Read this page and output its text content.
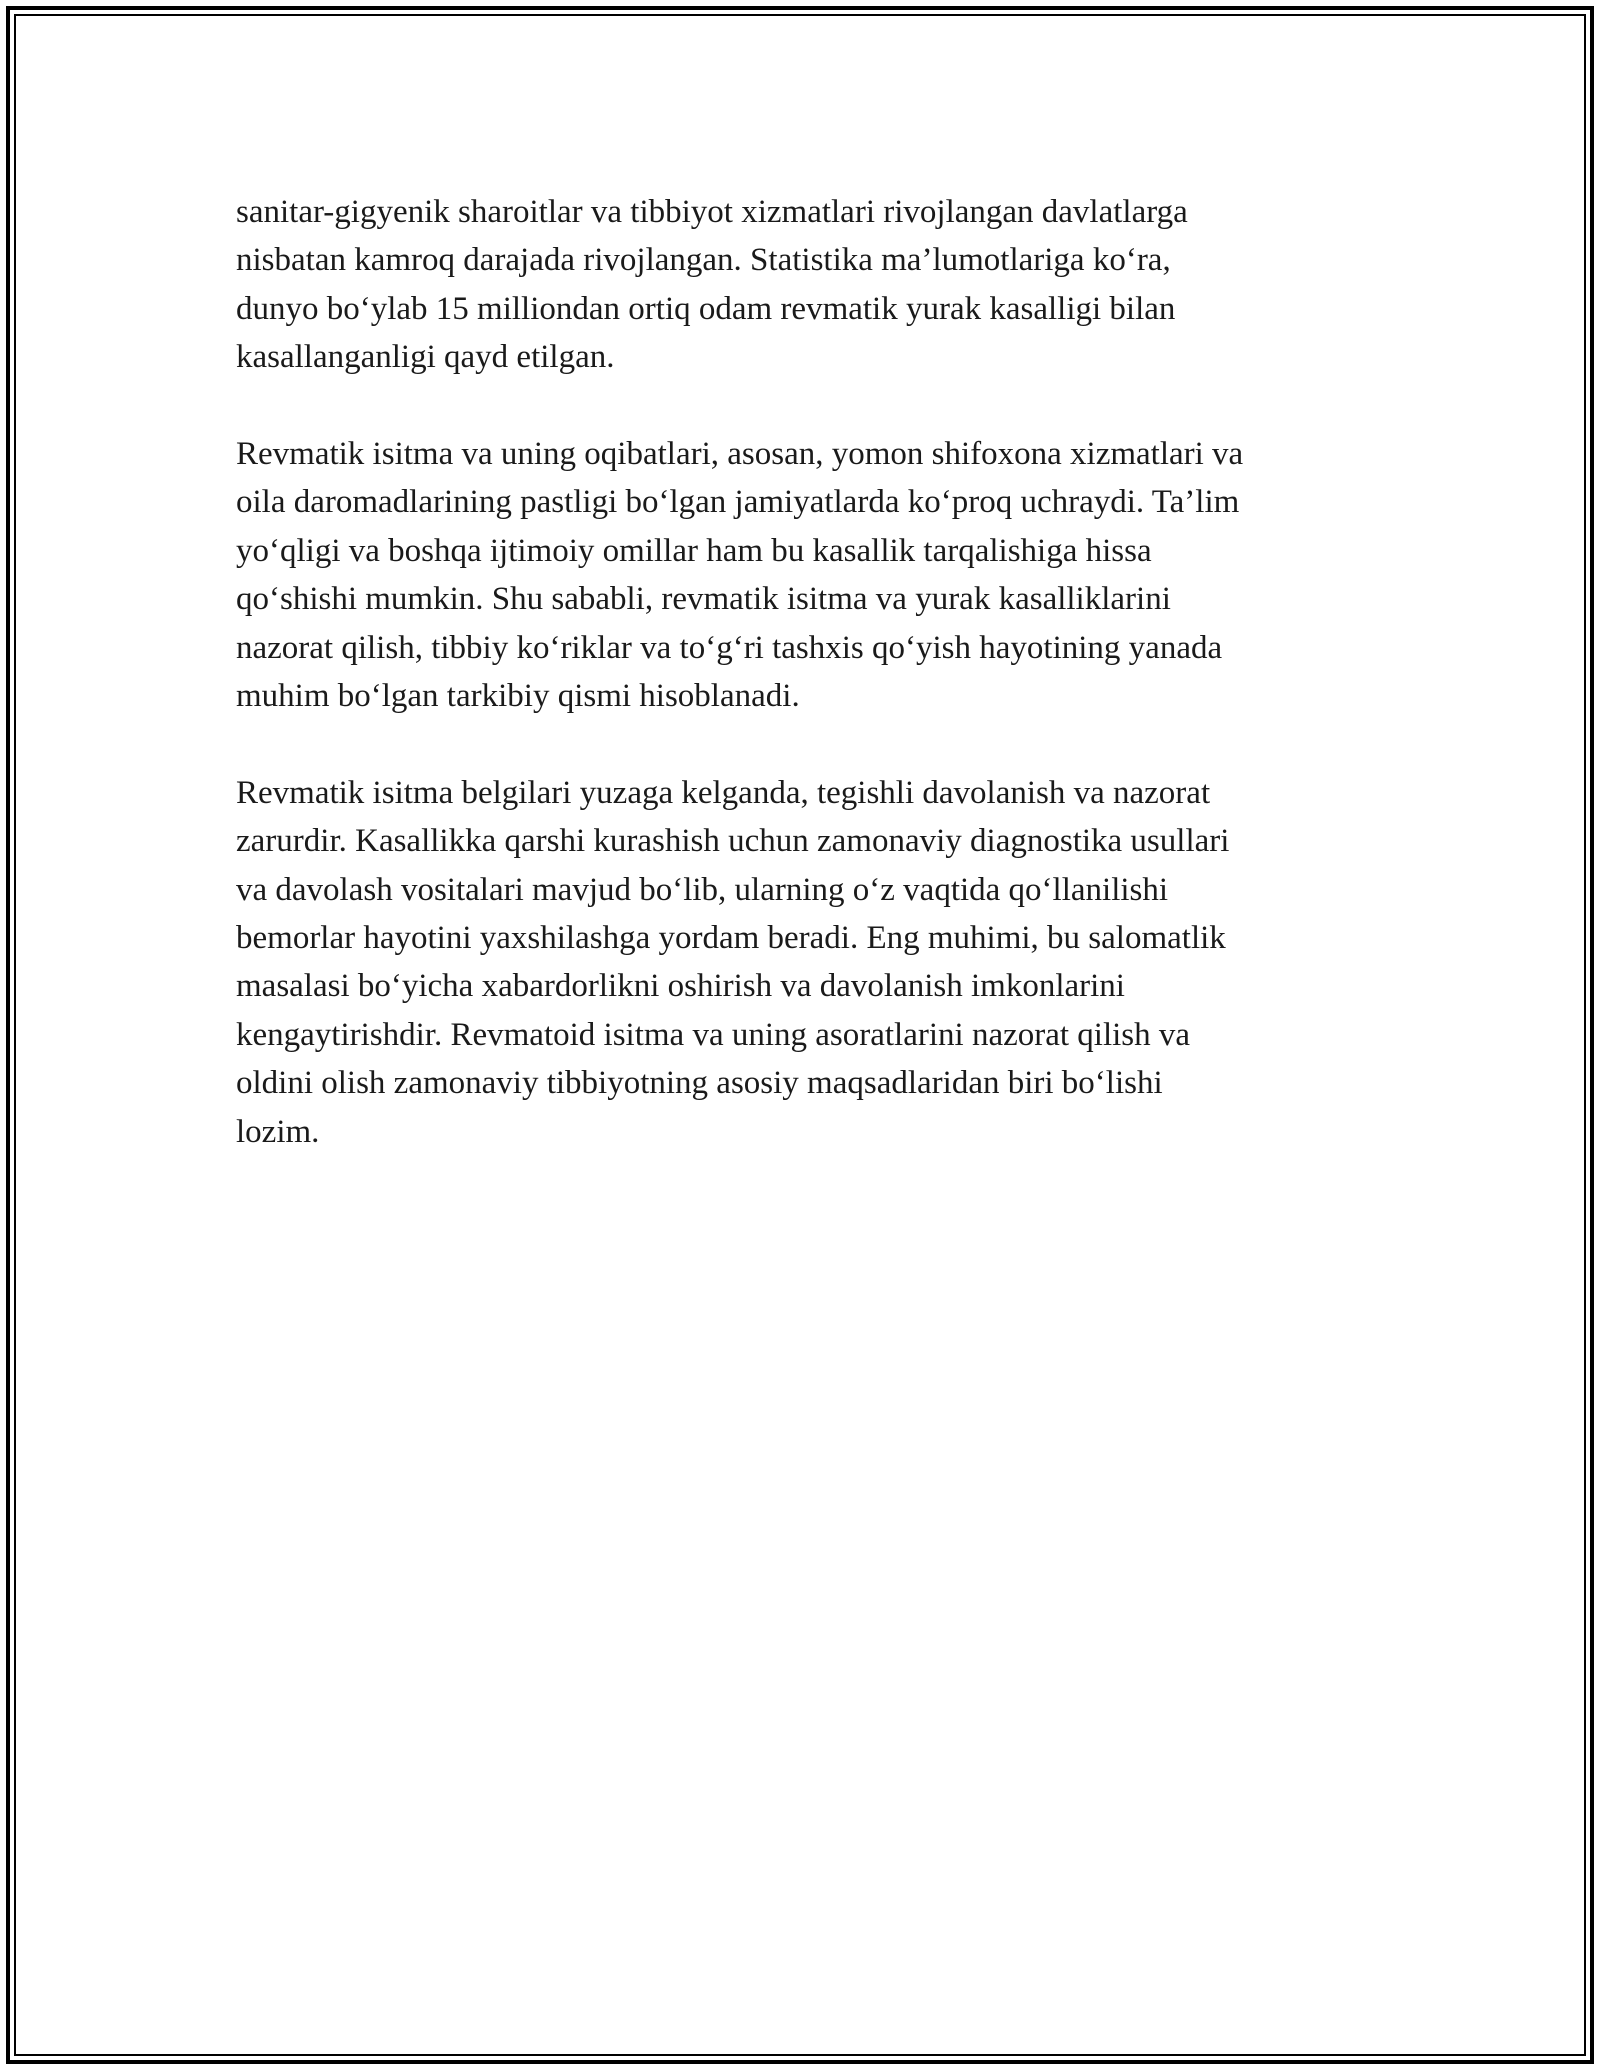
sanitar-gigyenik sharoitlar va tibbiyot xizmatlari rivojlangan davlatlarga
nisbatan kamroq darajada rivojlangan. Statistika ma’lumotlariga ko‘ra,
dunyo bo‘ylab 15 milliondan ortiq odam revmatik yurak kasalligi bilan
kasallanganligi qayd etilgan.

Revmatik isitma va uning oqibatlari, asosan, yomon shifoxona xizmatlari va
oila daromadlarining pastligi bo‘lgan jamiyatlarda ko‘proq uchraydi. Ta’lim
yo‘qligi va boshqa ijtimoiy omillar ham bu kasallik tarqalishiga hissa
qo‘shishi mumkin. Shu sababli, revmatik isitma va yurak kasalliklarini
nazorat qilish, tibbiy ko‘riklar va to‘g‘ri tashxis qo‘yish hayotining yanada
muhim bo‘lgan tarkibiy qismi hisoblanadi.

Revmatik isitma belgilari yuzaga kelganda, tegishli davolanish va nazorat
zarurdir. Kasallikka qarshi kurashish uchun zamonaviy diagnostika usullari
va davolash vositalari mavjud bo‘lib, ularning o‘z vaqtida qo‘llanilishi
bemorlar hayotini yaxshilashga yordam beradi. Eng muhimi, bu salomatlik
masalasi bo‘yicha xabardorlikni oshirish va davolanish imkonlarini
kengaytirishdir. Revmatoid isitma va uning asoratlarini nazorat qilish va
oldini olish zamonaviy tibbiyotning asosiy maqsadlaridan biri bo‘lishi
lozim.
